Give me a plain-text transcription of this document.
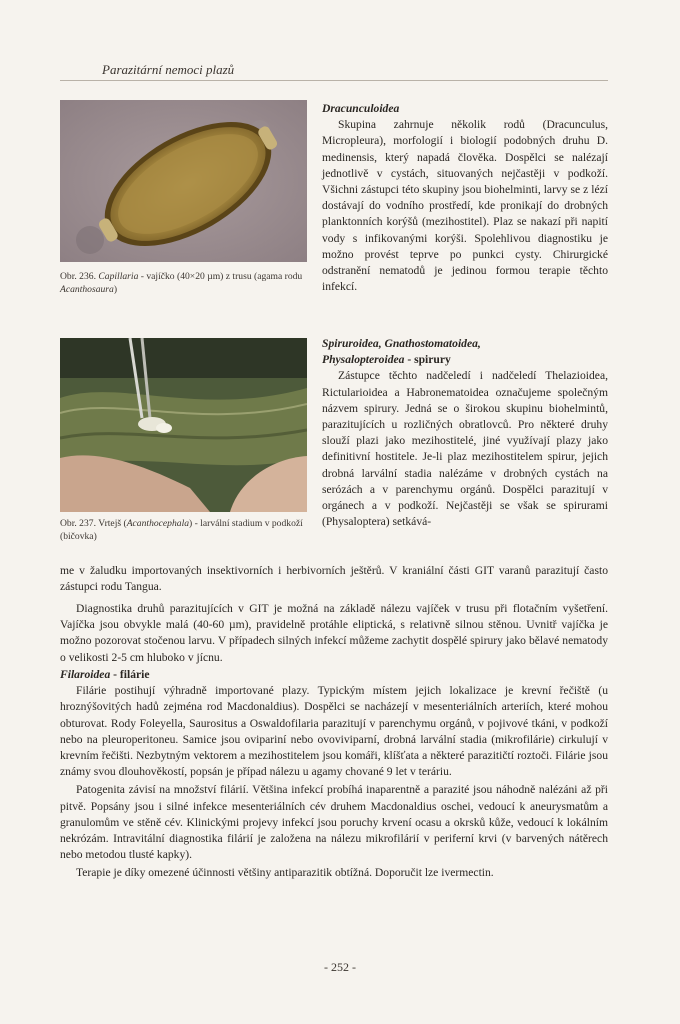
Parazitární nemoci plazů
Obr. 236. Capillaria - vajíčko (40×20 µm) z trusu (agama rodu Acanthosaura)
Obr. 237. Vrtejš (Acanthocephala) - larvální stadium v podkoží (bičovka)
Dracunculoidea

Skupina zahrnuje několik rodů (Dracunculus, Micropleura), morfologií i biologií podobných druhu D. medinensis, který napadá člověka. Dospělci se nalézají jednotlivě v cystách, situovaných nejčastěji v podkoží. Všichni zástupci této skupiny jsou biohelminti, larvy se z lézí dostávají do vodního prostředí, kde pronikají do drobných planktonních korýšů (mezihostitel). Plaz se nakazí při napití vody s infikovanými korýši. Spolehlivou diagnostiku je možno provést teprve po punkci cysty. Chirurgické odstranění nematodů je jedinou formou terapie těchto infekcí.

Spiruroidea, Gnathostomatoidea,
Physalopteroidea - spirury

Zástupce těchto nadčeledí i nadčeledí Thelazioidea, Rictularioidea a Habronematoidea označujeme společným názvem spirury. Jedná se o širokou skupinu biohelmintů, parazitujících u rozličných obratlovců. Pro některé druhy slouží plazi jako mezihostitelé, jiné využívají plazy jako definitivní hostitele. Je-li plaz mezihostitelem spirur, jejich drobná larvální stadia nalézáme v drobných cystách na serózách a v parenchymu orgánů. Dospělci parazitují v orgánech a v podkoží. Nejčastěji se však se spirurami (Physaloptera) setkává-

me v žaludku importovaných insektivorních i herbivorních ještěrů. V kraniální části GIT varanů parazitují často zástupci rodu Tangua.

Diagnostika druhů parazitujících v GIT je možná na základě nálezu vajíček v trusu při flotačním vyšetření. Vajíčka jsou obvykle malá (40-60 µm), pravidelně protáhle eliptická, s relativně silnou stěnou. Uvnitř vajíčka je možno pozorovat stočenou larvu. V případech silných infekcí můžeme zachytit dospělé spirury jako bělavé nematody o velikosti 2-5 cm hluboko v jícnu.

Filaroidea - filárie

Filárie postihují výhradně importované plazy. Typickým místem jejich lokalizace je krevní řečiště (u hroznýšovitých hadů zejména rod Macdonaldius). Dospělci se nacházejí v mesenteriálních arteriích, které mohou obturovat. Rody Foleyella, Saurositus a Oswaldofilaria parazitují v parenchymu orgánů, v pojivové tkáni, v podkoží nebo na pleuroperitoneu. Samice jsou ovipariní nebo ovoviviparní, drobná larvální stadia (mikrofilárie) cirkulují v krevním řečišti. Nezbytným vektorem a mezihostitelem jsou komáři, klíšťata a některé parazitičtí roztoči. Filárie jsou známy svou dlouhověkostí, popsán je případ nálezu u agamy chované 9 let v teráriu.

Patogenita závisí na množství filárií. Většina infekcí probíhá inaparentně a parazité jsou náhodně nalézáni až při pitvě. Popsány jsou i silné infekce mesenteriálních cév druhem Macdonaldius oschei, vedoucí k aneurysmatům a granulomům ve stěně cév. Klinickými projevy infekcí jsou poruchy krvení ocasu a okrsků kůže, vedoucí k lokálním nekrózám. Intravitální diagnostika filárií je založena na nálezu mikrofilárií v periferní krvi (v barvených nátěrech nebo metodou tlusté kapky).

Terapie je díky omezené účinnosti většiny antiparazitik obtížná. Doporučit lze ivermectin.

- 252 -
